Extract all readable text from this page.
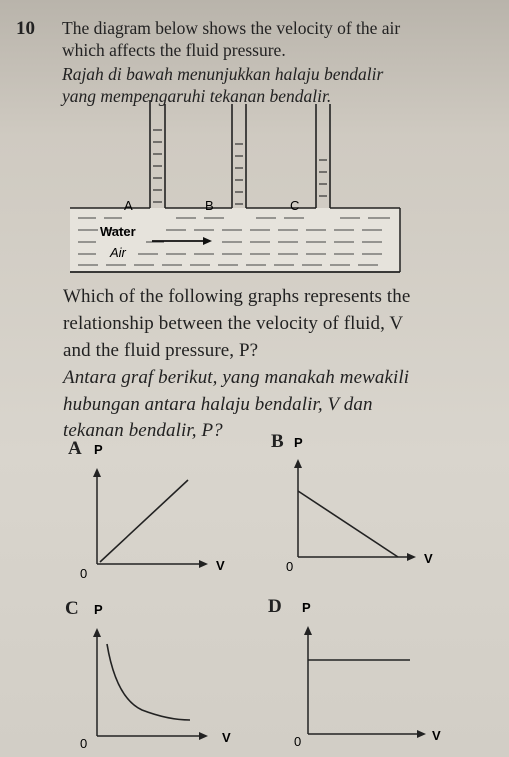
10 The diagram below shows the velocity of the air
which affects the fluid pressure.
Rajah di bawah menunjukkan halaju bendalir
yang mempengaruhi tekanan bendalir.
A	B	C
Water
Air
Which of the following graphs represents the
relationship between the velocity of fluid, V
and the fluid pressure, P?
Antara graf berikut, yang manakah mewakili
hubungan antara halaju bendalir, V dan
tekanan bendalir, P?
A P
0
V
B P
0
V
C P
0	V
D P
0	V
